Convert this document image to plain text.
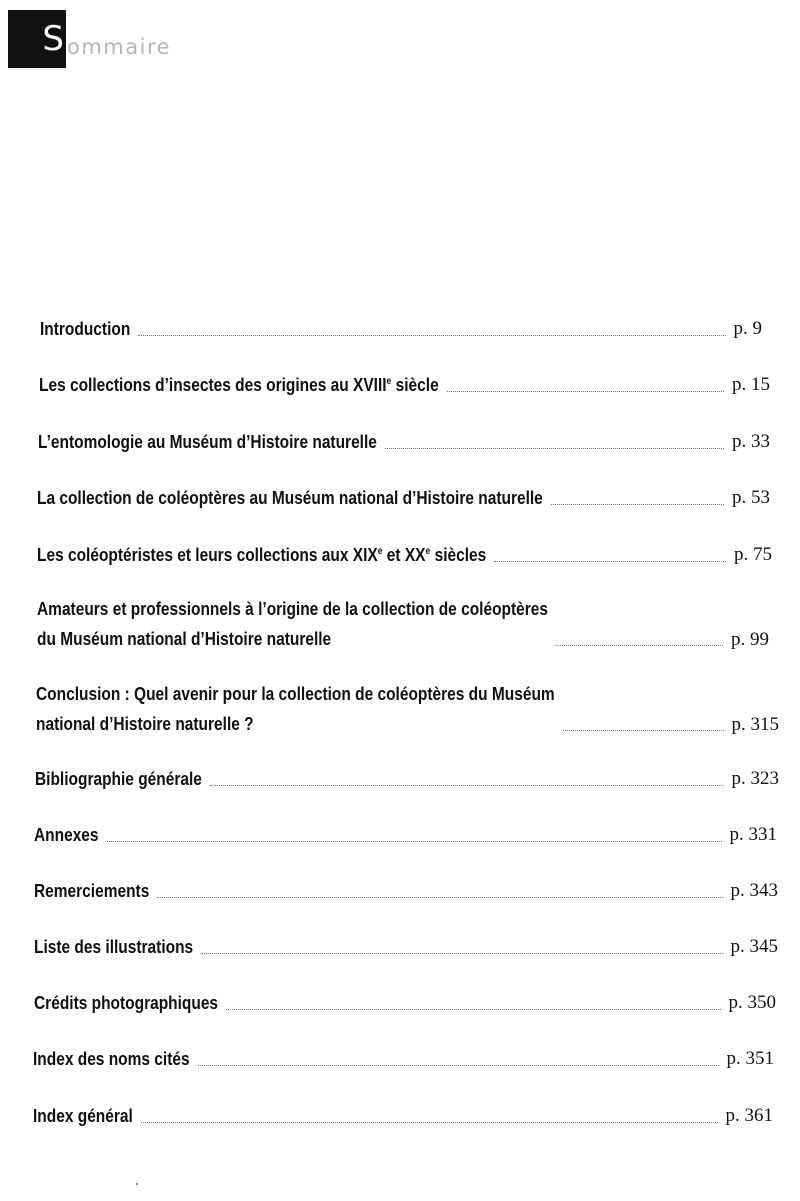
S ommaire
Introduction	p. 9
Les collections d’insectes des origines au XVIIIe siècle	p. 15
L’entomologie au Muséum d’Histoire naturelle	p. 33
La collection de coléoptères au Muséum national d’Histoire naturelle	p. 53
Les coléoptéristes et leurs collections aux XIXe et XXe siècles	p. 75
Amateurs et professionnels à l’origine de la collection de coléoptères
du Muséum national d’Histoire naturelle	p. 99
Conclusion : Quel avenir pour la collection de coléoptères du Muséum
national d’Histoire naturelle ?	p. 315
Bibliographie générale	p. 323
Annexes	p. 331
Remerciements	p. 343
Liste des illustrations	p. 345
Crédits photographiques	p. 350
Index des noms cités	p. 351
Index général	p. 361
